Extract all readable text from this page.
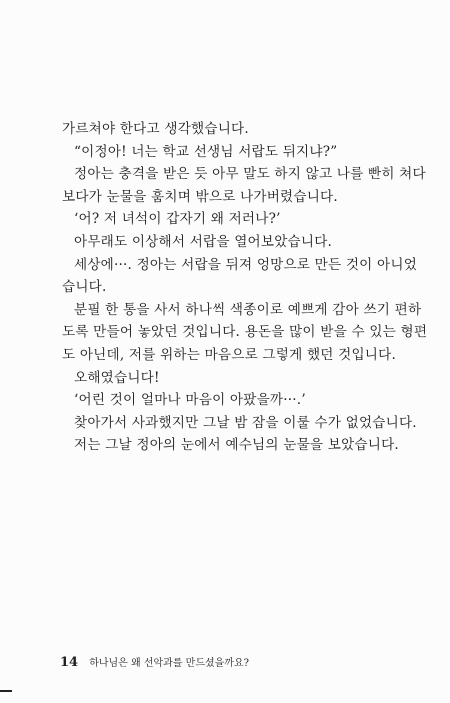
가르쳐야 한다고 생각했습니다.
“이정아! 너는 학교 선생님 서랍도 뒤지냐?”
정아는 충격을 받은 듯 아무 말도 하지 않고 나를 빤히 쳐다
보다가 눈물을 훔치며 밖으로 나가버렸습니다.
‘어? 저 녀석이 갑자기 왜 저러나?’
아무래도 이상해서 서랍을 열어보았습니다.
세상에···. 정아는 서랍을 뒤져 엉망으로 만든 것이 아니었
습니다.
분필 한 통을 사서 하나씩 색종이로 예쁘게 감아 쓰기 편하
도록 만들어 놓았던 것입니다. 용돈을 많이 받을 수 있는 형편
도 아닌데, 저를 위하는 마음으로 그렇게 했던 것입니다.
오해였습니다!
‘어린 것이 얼마나 마음이 아팠을까···.’
찾아가서 사과했지만 그날 밤 잠을 이룰 수가 없었습니다.
저는 그날 정아의 눈에서 예수님의 눈물을 보았습니다.
14 하나님은 왜 선악과를 만드셨을까요?
